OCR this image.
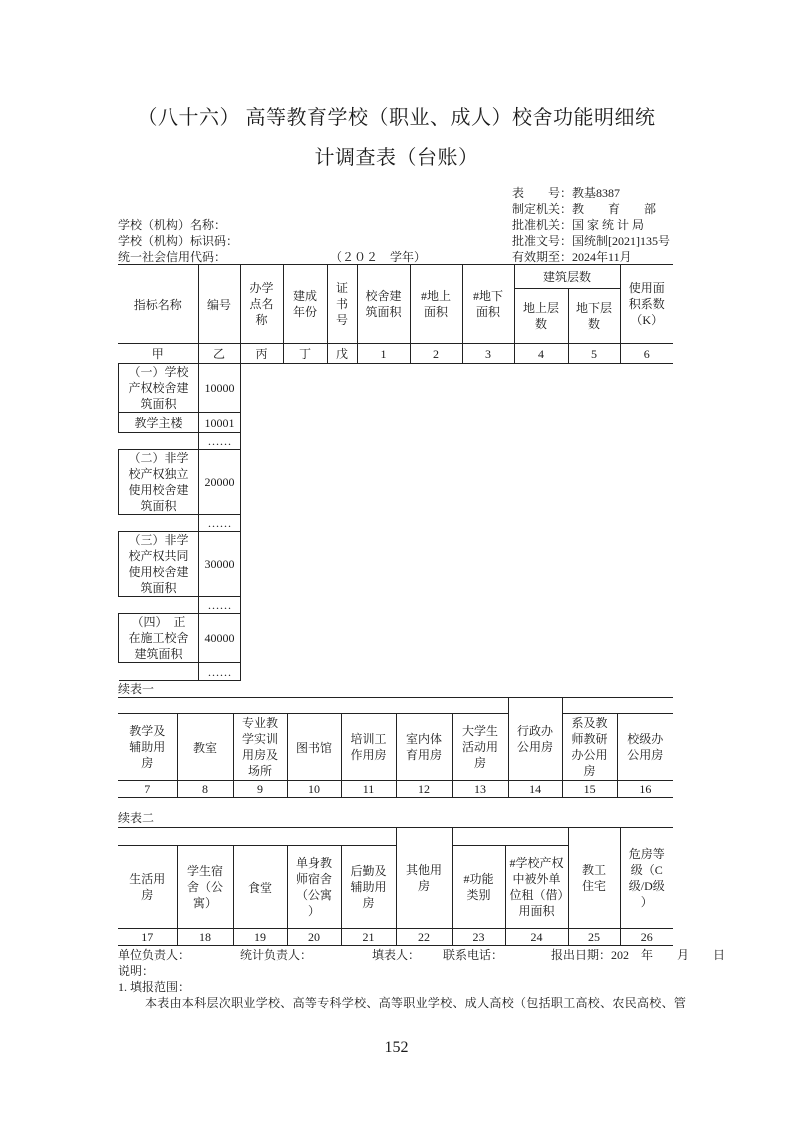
（八十六） 高等教育学校（职业、成人）校舍功能明细统
计调查表（台账）
表　　号：教基8387
制定机关：教　　育　　部
批准机关：国 家 统 计 局
批准文号：国统制[2021]135号
有效期至：2024年11月
学校（机构）名称：
学校（机构）标识码：
统一社会信用代码：	（２０２　学年）
指标名称	编号	办学点名称	建成年份	证书号	校舍建筑面积	#地上面积	#地下面积	建筑层数		使用面积系数（K）
								地上层数	地下层数	
甲	乙	丙	丁	戊	1	2	3	4	5	6
（一）学校产权校舍建筑面积	10000
教学主楼	10001
	……
（二）非学校产权独立使用校舍建筑面积	20000
	……
（三）非学校产权共同使用校舍建筑面积	30000
	……
（四）　正在施工校舍建筑面积	40000
	……
续表一
							行政办公用房		
教学及辅助用房	教室	专业教学实训用房及场所	图书馆	培训工作用房	室内体育用房	大学生活动用房		系及教师教研办公用房	校级办公用房
7	8	9	10	11	12	13	14	15	16
续表二
					其他用房			教工住宅	危房等级（C级/D级）
生活用房	学生宿舍（公寓）	食堂	单身教师宿舍（公寓）	后勤及辅助用房		#功能类别	#学校产权中被外单位租（借）用面积		
17	18	19	20	21	22	23	24	25	26
单位负责人：	统计负责人：	填表人： 联系电话：	报出日期：202　年　　月　　日
说明：
1. 填报范围：
本表由本科层次职业学校、高等专科学校、高等职业学校、成人高校（包括职工高校、农民高校、管
152
